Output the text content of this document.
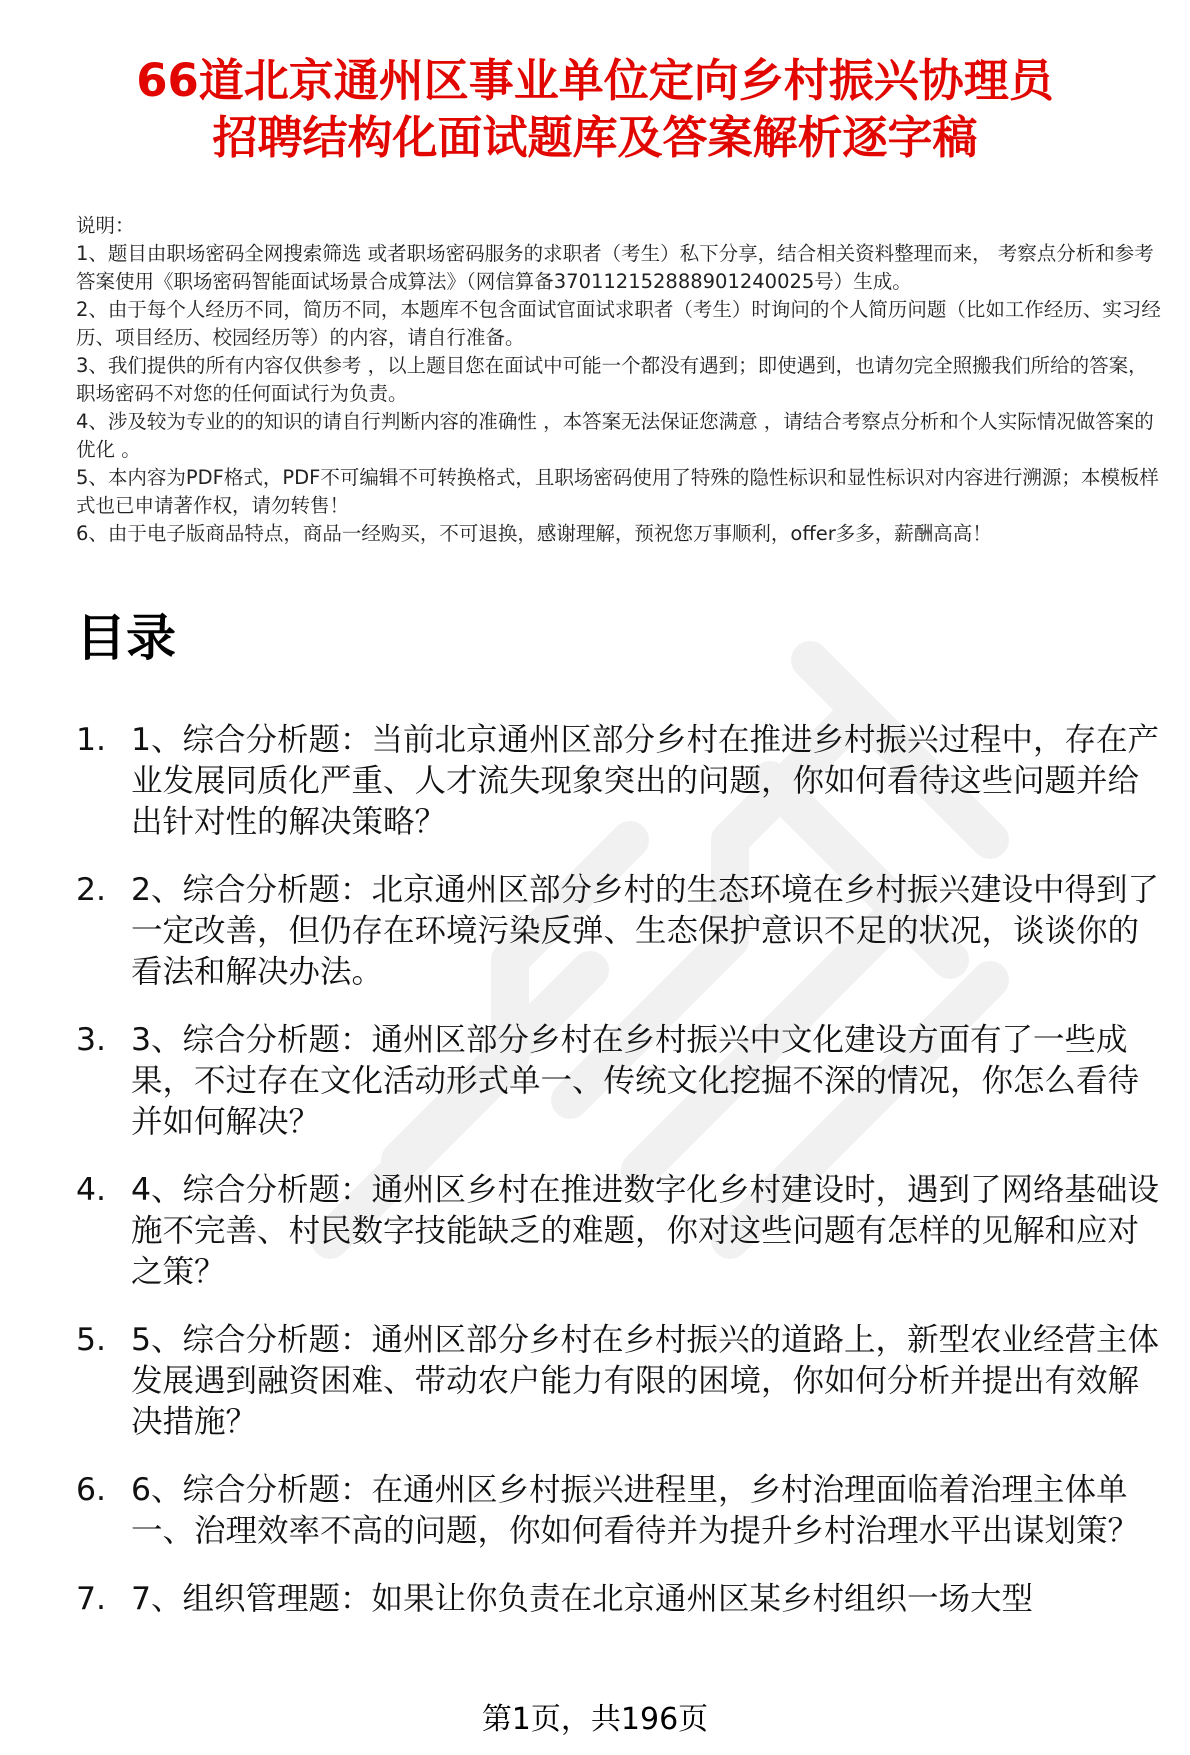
66道北京通州区事业单位定向乡村振兴协理员
招聘结构化面试题库及答案解析逐字稿

说明：

1、题目由职场密码全网搜索筛选 或者职场密码服务的求职者（考生）私下分享，结合相关资料整理而来， 考察点分析和参考答案使用《职场密码智能面试场景合成算法》（网信算备370112152888901240025号）生成。

2、由于每个人经历不同，简历不同，本题库不包含面试官面试求职者（考生）时询问的个人简历问题（比如工作经历、实习经历、项目经历、校园经历等）的内容，请自行准备。

3、我们提供的所有内容仅供参考 ，以上题目您在面试中可能一个都没有遇到；即使遇到，也请勿完全照搬我们所给的答案，职场密码不对您的任何面试行为负责。

4、涉及较为专业的的知识的请自行判断内容的准确性 ，本答案无法保证您满意 ，请结合考察点分析和个人实际情况做答案的优化 。

5、本内容为PDF格式，PDF不可编辑不可转换格式，且职场密码使用了特殊的隐性标识和显性标识对内容进行溯源；本模板样式也已申请著作权，请勿转售！

6、由于电子版商品特点，商品一经购买，不可退换，感谢理解，预祝您万事顺利，offer多多，薪酬高高！

目录
1. 1、综合分析题：当前北京通州区部分乡村在推进乡村振兴过程中，存在产业发展同质化严重、人才流失现象突出的问题，你如何看待这些问题并给出针对性的解决策略？
2. 2、综合分析题：北京通州区部分乡村的生态环境在乡村振兴建设中得到了一定改善，但仍存在环境污染反弹、生态保护意识不足的状况，谈谈你的看法和解决办法。
3. 3、综合分析题：通州区部分乡村在乡村振兴中文化建设方面有了一些成果，不过存在文化活动形式单一、传统文化挖掘不深的情况，你怎么看待并如何解决？
4. 4、综合分析题：通州区乡村在推进数字化乡村建设时，遇到了网络基础设施不完善、村民数字技能缺乏的难题，你对这些问题有怎样的见解和应对之策？
5. 5、综合分析题：通州区部分乡村在乡村振兴的道路上，新型农业经营主体发展遇到融资困难、带动农户能力有限的困境，你如何分析并提出有效解决措施？
6. 6、综合分析题：在通州区乡村振兴进程里，乡村治理面临着治理主体单一、治理效率不高的问题，你如何看待并为提升乡村治理水平出谋划策？
7. 7、组织管理题：如果让你负责在北京通州区某乡村组织一场大型
第1页，共196页
